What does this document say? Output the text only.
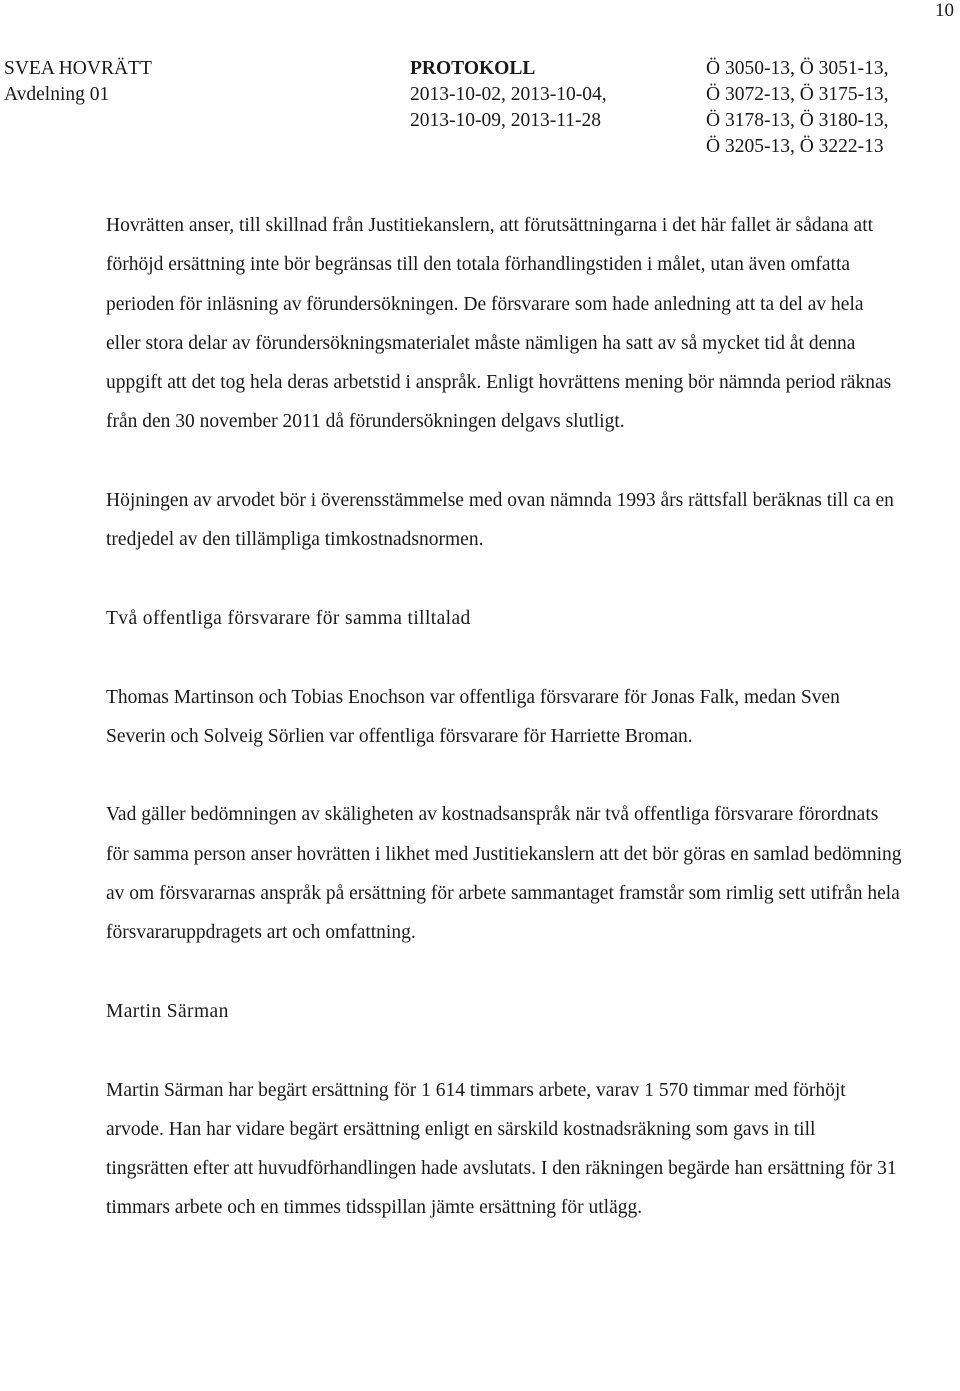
10
SVEA HOVRÄTT
Avdelning 01
PROTOKOLL
2013-10-02, 2013-10-04,
2013-10-09, 2013-11-28
Ö 3050-13, Ö 3051-13,
Ö 3072-13, Ö 3175-13,
Ö 3178-13, Ö 3180-13,
Ö 3205-13, Ö 3222-13

Hovrätten anser, till skillnad från Justitiekanslern, att förutsättningarna i det här fallet är sådana att förhöjd ersättning inte bör begränsas till den totala förhandlingstiden i målet, utan även omfatta perioden för inläsning av förundersökningen. De försvarare som hade anledning att ta del av hela eller stora delar av förundersökningsmaterialet måste nämligen ha satt av så mycket tid åt denna uppgift att det tog hela deras arbetstid i anspråk. Enligt hovrättens mening bör nämnda period räknas från den 30 november 2011 då förundersökningen delgavs slutligt.

Höjningen av arvodet bör i överensstämmelse med ovan nämnda 1993 års rättsfall beräknas till ca en tredjedel av den tillämpliga timkostnadsnormen.

Två offentliga försvarare för samma tilltalad

Thomas Martinson och Tobias Enochson var offentliga försvarare för Jonas Falk, medan Sven Severin och Solveig Sörlien var offentliga försvarare för Harriette Broman.

Vad gäller bedömningen av skäligheten av kostnadsanspråk när två offentliga försvarare förordnats för samma person anser hovrätten i likhet med Justitiekanslern att det bör göras en samlad bedömning av om försvararnas anspråk på ersättning för arbete sammantaget framstår som rimlig sett utifrån hela försvararuppdragets art och omfattning.

Martin Särman

Martin Särman har begärt ersättning för 1 614 timmars arbete, varav 1 570 timmar med förhöjt arvode. Han har vidare begärt ersättning enligt en särskild kostnadsräkning som gavs in till tingsrätten efter att huvudförhandlingen hade avslutats. I den räkningen begärde han ersättning för 31 timmars arbete och en timmes tidsspillan jämte ersättning för utlägg.
